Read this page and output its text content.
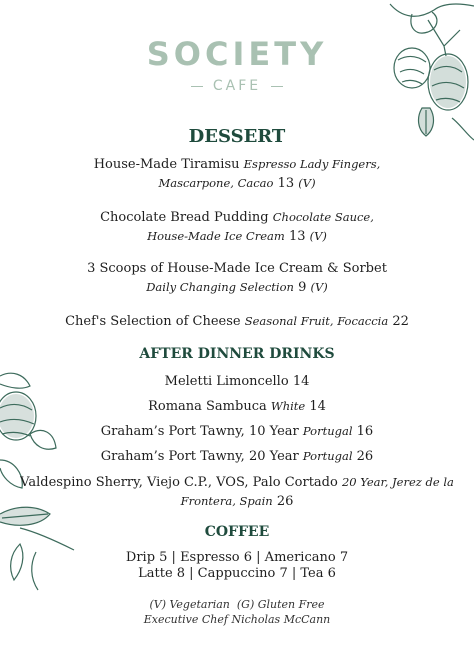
SOCIETY
CAFE
DESSERT
House-Made Tiramisu Espresso Lady Fingers,
Mascarpone, Cacao 13 (V)
Chocolate Bread Pudding Chocolate Sauce,
House-Made Ice Cream 13 (V)
3 Scoops of House-Made Ice Cream & Sorbet
Daily Changing Selection 9 (V)
Chef's Selection of Cheese Seasonal Fruit, Focaccia 22
AFTER DINNER DRINKS
Meletti Limoncello 14
Romana Sambuca White 14
Graham’s Port Tawny, 10 Year Portugal 16
Graham’s Port Tawny, 20 Year Portugal 26
Valdespino Sherry, Viejo C.P., VOS, Palo Cortado 20 Year, Jerez de la
Frontera, Spain 26
COFFEE
Drip 5 | Espresso 6 | Americano 7
Latte 8 | Cappuccino 7 | Tea 6
(V) Vegetarian  (G) Gluten Free
Executive Chef Nicholas McCann
